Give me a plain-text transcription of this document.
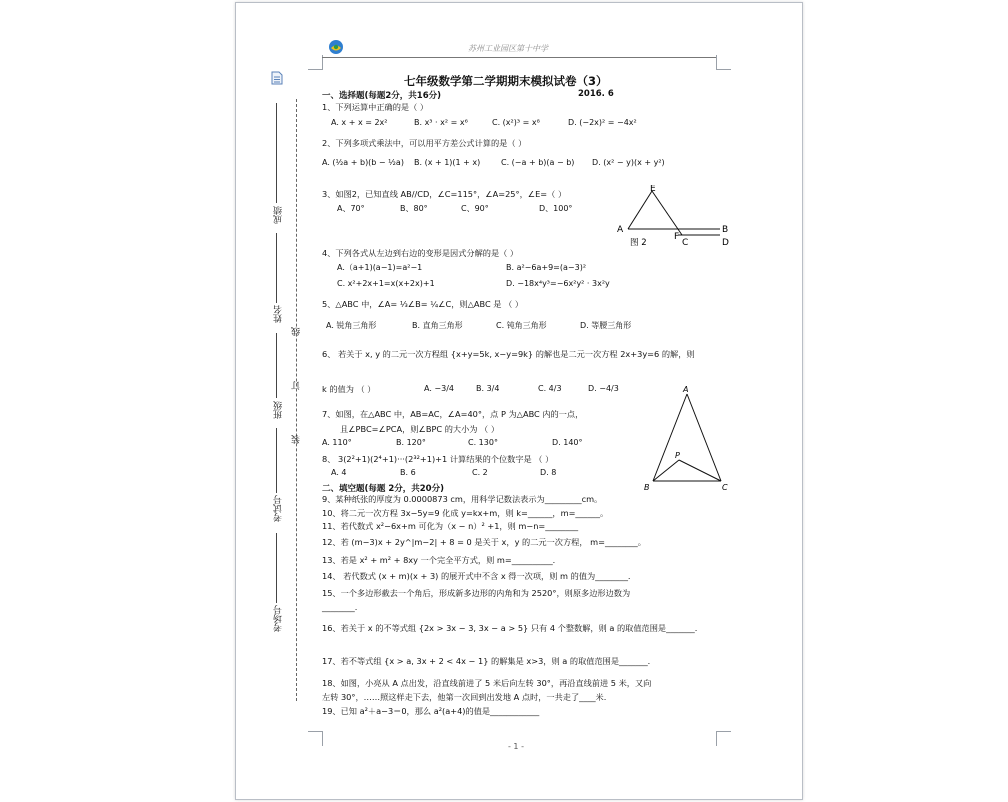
苏州工业园区第十中学
成绩
姓名
线
订
班级
装
考试号
考场号
七年级数学第二学期期末模拟试卷（3）
一、选择题(每题2分，共16分)	2016. 6
1、下列运算中正确的是（ ）
A. x + x = 2x²	B. x³ · x² = x⁶	C. (x²)³ = x⁸	D. (−2x)² = −4x²
2、下列多项式乘法中，可以用平方差公式计算的是（ ）
A. (½a + b)(b − ½a) B. (x + 1)(1 + x)	C. (−a + b)(a − b) D. (x² − y)(x + y²)
3、如图2，已知直线 AB//CD，∠C=115°，∠A=25°，∠E=（ ）
A、70°	B、80°	C、90°	D、100°
A
E
B
F
C	D
图 2
4、下列各式从左边到右边的变形是因式分解的是（ ）
A.（a+1)(a−1)=a²−1	B. a²−6a+9=(a−3)²
C. x²+2x+1=x(x+2x)+1	D. −18x⁴y³=−6x²y² · 3x²y
5、△ABC 中，∠A= ⅓∠B= ¼∠C，则△ABC 是 （ ）
A. 锐角三角形	B. 直角三角形	C. 钝角三角形	D. 等腰三角形
6、 若关于 x, y 的二元一次方程组 {x+y=5k, x−y=9k} 的解也是二元一次方程 2x+3y=6 的解，则
k 的值为 （ ）	A. −3/4	B. 3/4	C. 4/3	D. −4/3
7、如图，在△ABC 中，AB=AC，∠A=40°，点 P 为△ABC 内的一点，
且∠PBC=∠PCA，则∠BPC 的大小为 （ ）
A. 110°	B. 120°	C. 130°	D. 140°
A
P
B	C
8、 3(2²+1)(2⁴+1)···(2³²+1)+1 计算结果的个位数字是 （ ）
A. 4	B. 6	C. 2	D. 8
二、填空题(每题 2分，共20分)
9、某种纸张的厚度为 0.0000873 cm，用科学记数法表示为_________cm。
10、将二元一次方程 3x−5y=9 化成 y=kx+m，则 k=______，m=______。
11、若代数式 x²−6x+m 可化为（x − n）² +1，则 m−n=________
12、若 (m−3)x + 2y^|m−2| + 8 = 0 是关于 x，y 的二元一次方程， m=________。
13、若是 x² + m² + 8xy 一个完全平方式，则 m=__________.
14、 若代数式 (x + m)(x + 3) 的展开式中不含 x 得一次项，则 m 的值为________.
15、一个多边形截去一个角后，形成新多边形的内角和为 2520°，则原多边形边数为
________.
16、若关于 x 的不等式组 {2x > 3x − 3, 3x − a > 5} 只有 4 个整数解，则 a 的取值范围是_______.
17、若不等式组 {x > a, 3x + 2 < 4x − 1} 的解集是 x>3，则 a 的取值范围是_______.
18、如图，小亮从 A 点出发，沿直线前进了 5 米后向左转 30°，再沿直线前进 5 米，又向
左转 30°，……照这样走下去，他第一次回到出发地 A 点时，一共走了____米.
19、已知 a²＋a−3＝0，那么 a²(a+4)的值是____________
- 1 -
